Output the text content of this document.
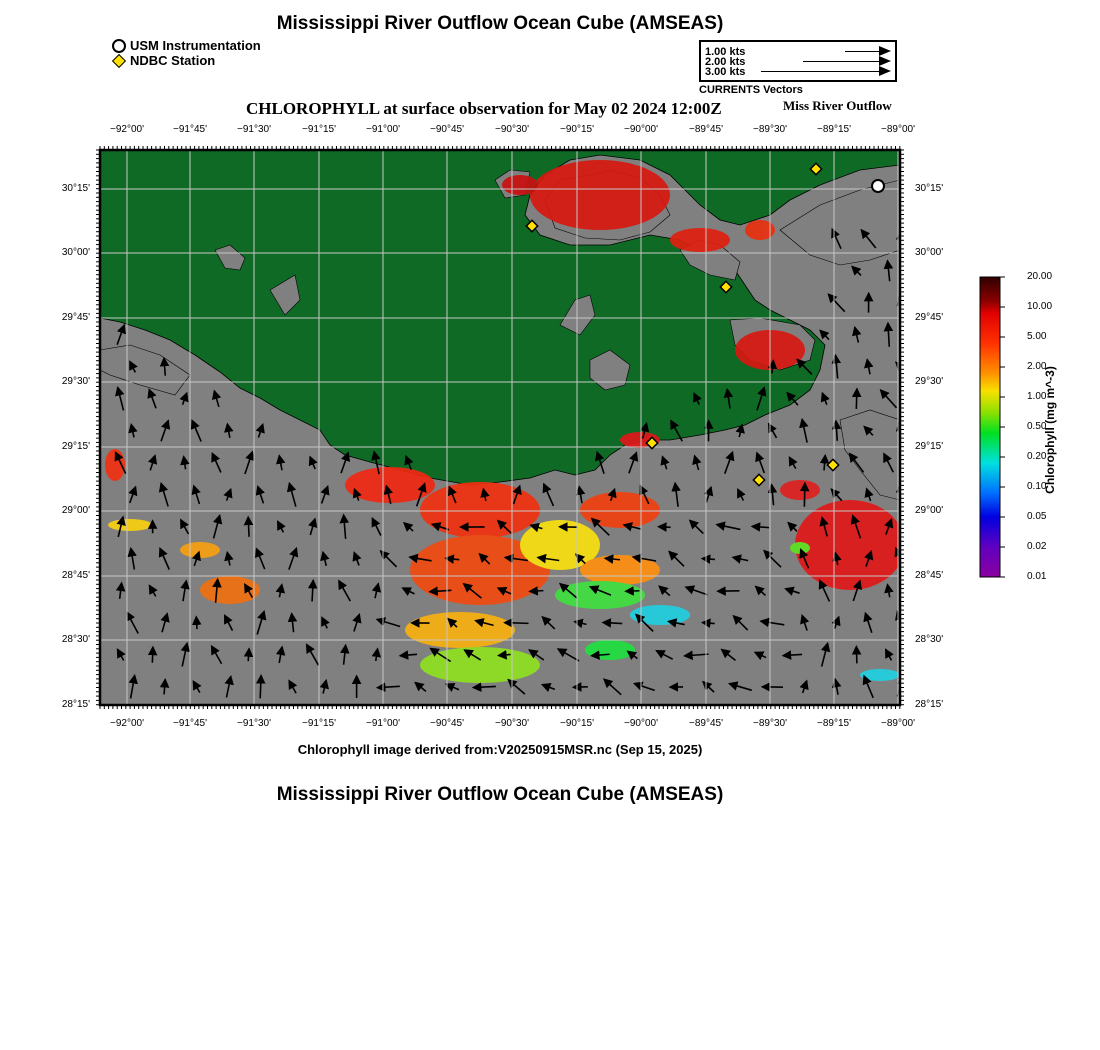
Mississippi River Outflow Ocean Cube (AMSEAS)
USM Instrumentation
NDBC Station
1.00 kts
2.00 kts
3.00 kts
CURRENTS Vectors
CHLOROPHYLL at surface observation for May 02 2024 12:00Z	Miss River Outflow
−92°00'	−91°45'	−91°30'	−91°15'	−91°00'	−90°45'	−90°30'	−90°15'	−90°00'	−89°45'	−89°30'	−89°15'	−89°00'
−92°00'	−91°45'	−91°30'	−91°15'	−91°00'	−90°45'	−90°30'	−90°15'	−90°00'	−89°45'	−89°30'	−89°15'	−89°00'
30°15'
30°00'
29°45'
29°30'
29°15'
29°00'
28°45'
28°30'
28°15'
30°15'
30°00'
29°45'
29°30'
29°15'
29°00'
28°45'
28°30'
28°15'
20.00
10.00
5.00
2.00
1.00
0.50
0.20
0.10
0.05
0.02
0.01
Chlorophyll (mg m^-3)
Chlorophyll image derived from:V20250915MSR.nc (Sep 15, 2025)
Mississippi River Outflow Ocean Cube (AMSEAS)
